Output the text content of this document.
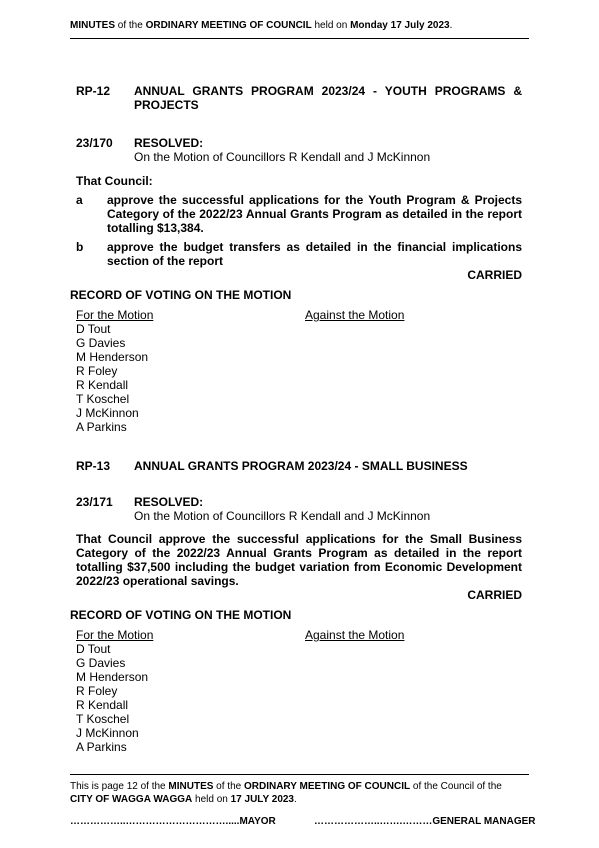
MINUTES of the ORDINARY MEETING OF COUNCIL held on Monday 17 July 2023.
RP-12 ANNUAL GRANTS PROGRAM 2023/24 - YOUTH PROGRAMS &
PROJECTS
23/170 RESOLVED:
On the Motion of Councillors R Kendall and J McKinnon
That Council:
a approve the successful applications for the Youth Program & Projects
Category of the 2022/23 Annual Grants Program as detailed in the report
totalling $13,384.
b approve the budget transfers as detailed in the financial implications
section of the report
CARRIED
RECORD OF VOTING ON THE MOTION
For the Motion	Against the Motion
D Tout
G Davies
M Henderson
R Foley
R Kendall
T Koschel
J McKinnon
A Parkins
RP-13 ANNUAL GRANTS PROGRAM 2023/24 - SMALL BUSINESS
23/171 RESOLVED:
On the Motion of Councillors R Kendall and J McKinnon
That Council approve the successful applications for the Small Business
Category of the 2022/23 Annual Grants Program as detailed in the report
totalling $37,500 including the budget variation from Economic Development
2022/23 operational savings.
CARRIED
RECORD OF VOTING ON THE MOTION
For the Motion	Against the Motion
D Tout
G Davies
M Henderson
R Foley
R Kendall
T Koschel
J McKinnon
A Parkins
This is page 12 of the MINUTES of the ORDINARY MEETING OF COUNCIL of the Council of the
CITY OF WAGGA WAGGA held on 17 JULY 2023.
……………..………………………….....MAYOR	………………..…….………GENERAL MANAGER
